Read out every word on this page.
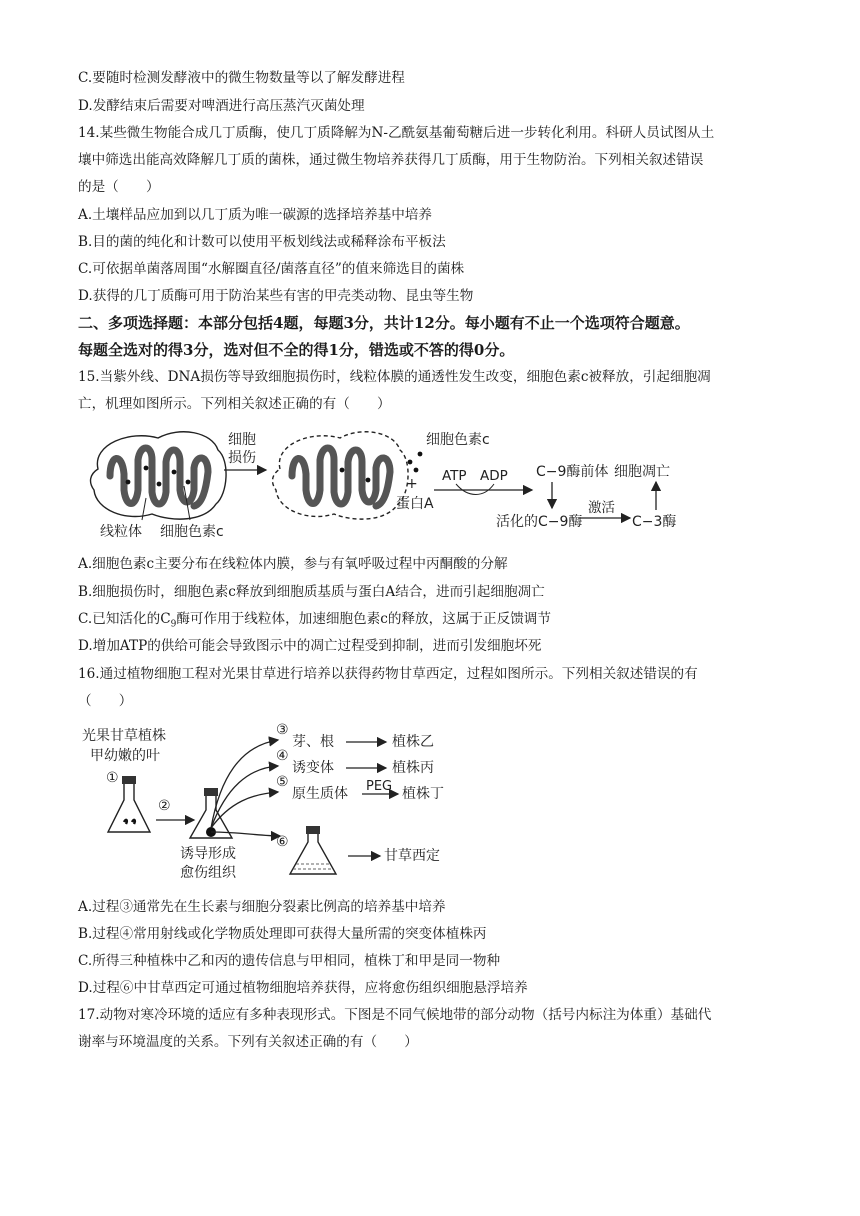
C.要随时检测发酵液中的微生物数量等以了解发酵进程
D.发酵结束后需要对啤酒进行高压蒸汽灭菌处理
14.某些微生物能合成几丁质酶，使几丁质降解为N-乙酰氨基葡萄糖后进一步转化利用。科研人员试图从土
壤中筛选出能高效降解几丁质的菌株，通过微生物培养获得几丁质酶，用于生物防治。下列相关叙述错误
的是（　　）
A.土壤样品应加到以几丁质为唯一碳源的选择培养基中培养
B.目的菌的纯化和计数可以使用平板划线法或稀释涂布平板法
C.可依据单菌落周围“水解圈直径/菌落直径”的值来筛选目的菌株
D.获得的几丁质酶可用于防治某些有害的甲壳类动物、昆虫等生物
二、多项选择题：本部分包括4题，每题3分，共计12分。每小题有不止一个选项符合题意。
每题全选对的得3分，选对但不全的得1分，错选或不答的得0分。
15.当紫外线、DNA损伤等导致细胞损伤时，线粒体膜的通透性发生改变，细胞色素c被释放，引起细胞凋
亡，机理如图所示。下列相关叙述正确的有（　　）
线粒体 细胞色素c
细胞
损伤
细胞色素c
+
蛋白A
ATP ADP C−9酶前体
活化的C−9酶
激活
C−3酶
细胞凋亡
A.细胞色素c主要分布在线粒体内膜，参与有氧呼吸过程中丙酮酸的分解
B.细胞损伤时，细胞色素c释放到细胞质基质与蛋白A结合，进而引起细胞凋亡
C.已知活化的$C_9$酶可作用于线粒体，加速细胞色素c的释放，这属于正反馈调节
D.增加ATP的供给可能会导致图示中的凋亡过程受到抑制，进而引发细胞坏死
16.通过植物细胞工程对光果甘草进行培养以获得药物甘草西定，过程如图所示。下列相关叙述错误的有
（　　）
光果甘草植株
甲幼嫩的叶
①
②
诱导形成
愈伤组织
③
芽、根	植株乙
④
诱变体	植株丙
⑤
原生质体 PEG 植株丁
⑥
甘草西定
A.过程③通常先在生长素与细胞分裂素比例高的培养基中培养
B.过程④常用射线或化学物质处理即可获得大量所需的突变体植株丙
C.所得三种植株中乙和丙的遗传信息与甲相同，植株丁和甲是同一物种
D.过程⑥中甘草西定可通过植物细胞培养获得，应将愈伤组织细胞悬浮培养
17.动物对寒冷环境的适应有多种表现形式。下图是不同气候地带的部分动物（括号内标注为体重）基础代
谢率与环境温度的关系。下列有关叙述正确的有（　　）
